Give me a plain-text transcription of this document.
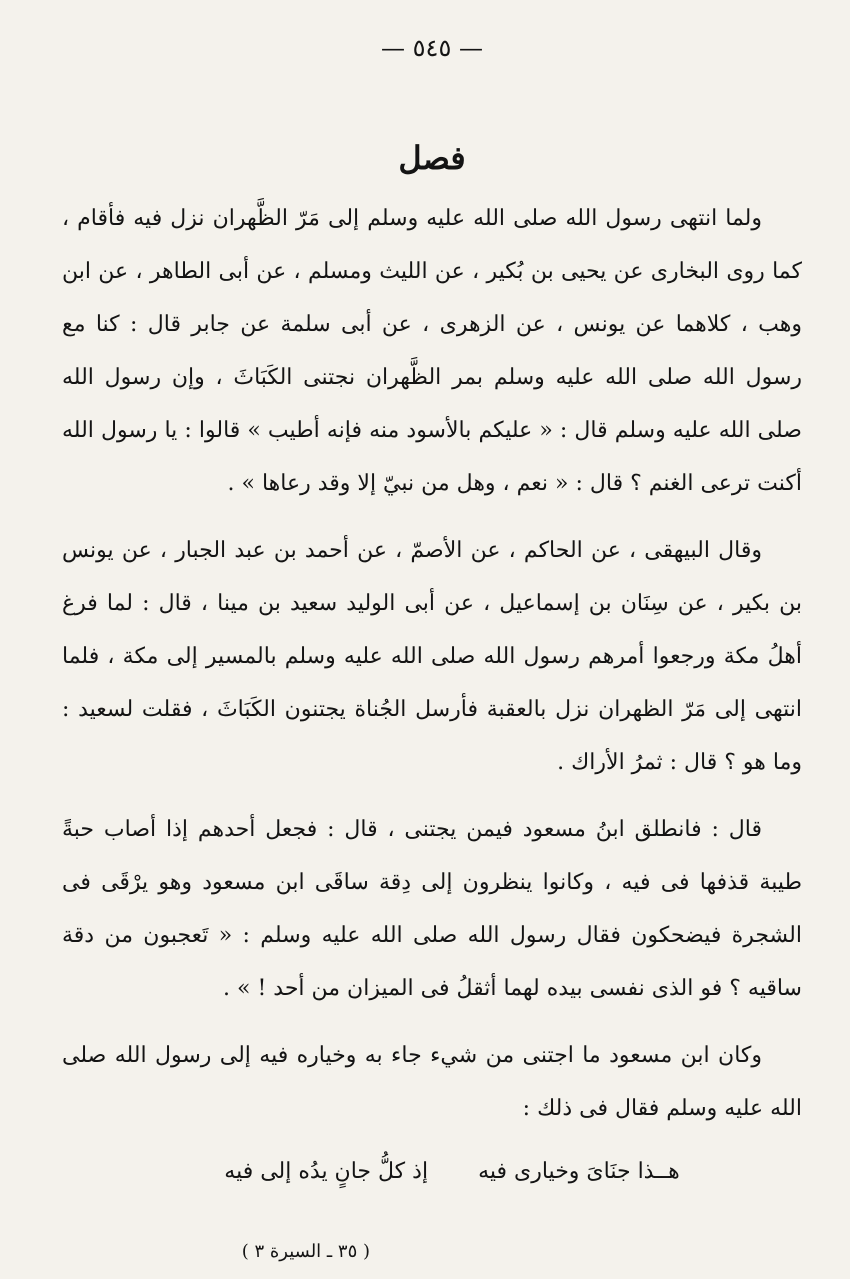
— ٥٤٥ —
فصل

ولما انتهى رسول الله صلى الله عليه وسلم إلى مَرّ الظَّهران نزل فيه فأقام ، كما روى البخارى عن يحيى بن بُكير ، عن الليث ومسلم ، عن أبى الطاهر ، عن ابن وهب ، كلاهما عن يونس ، عن الزهرى ، عن أبى سلمة عن جابر قال : كنا مع رسول الله صلى الله عليه وسلم بمر الظَّهران نجتنى الكَبَاثَ ، وإن رسول الله صلى الله عليه وسلم قال : « عليكم بالأسود منه فإنه أطيب » قالوا : يا رسول الله أكنت ترعى الغنم ؟ قال : « نعم ، وهل من نبيّ إلا وقد رعاها » .

وقال البيهقى ، عن الحاكم ، عن الأصمّ ، عن أحمد بن عبد الجبار ، عن يونس بن بكير ، عن سِنَان بن إسماعيل ، عن أبى الوليد سعيد بن مينا ، قال : لما فرغ أهلُ مكة ورجعوا أمرهم رسول الله صلى الله عليه وسلم بالمسير إلى مكة ، فلما انتهى إلى مَرّ الظهران نزل بالعقبة فأرسل الجُناة يجتنون الكَبَاثَ ، فقلت لسعيد : وما هو ؟ قال : ثمرُ الأراك .

قال : فانطلق ابنُ مسعود فيمن يجتنى ، قال : فجعل أحدهم إذا أصاب حبةً طيبة قذفها فى فيه ، وكانوا ينظرون إلى دِقة ساقَى ابن مسعود وهو يرْقَى فى الشجرة فيضحكون فقال رسول الله صلى الله عليه وسلم : « تَعجبون من دقة ساقيه ؟ فو الذى نفسى بيده لهما أثقلُ فى الميزان من أحد ! » .

وكان ابن مسعود ما اجتنى من شيء جاء به وخياره فيه إلى رسول الله صلى الله عليه وسلم فقال فى ذلك :

هــذا جنَاىَ وخيارى فيه
إذ كلُّ جانٍ يدُه إلى فيه
( ٣٥ ـ السيرة ٣ )
